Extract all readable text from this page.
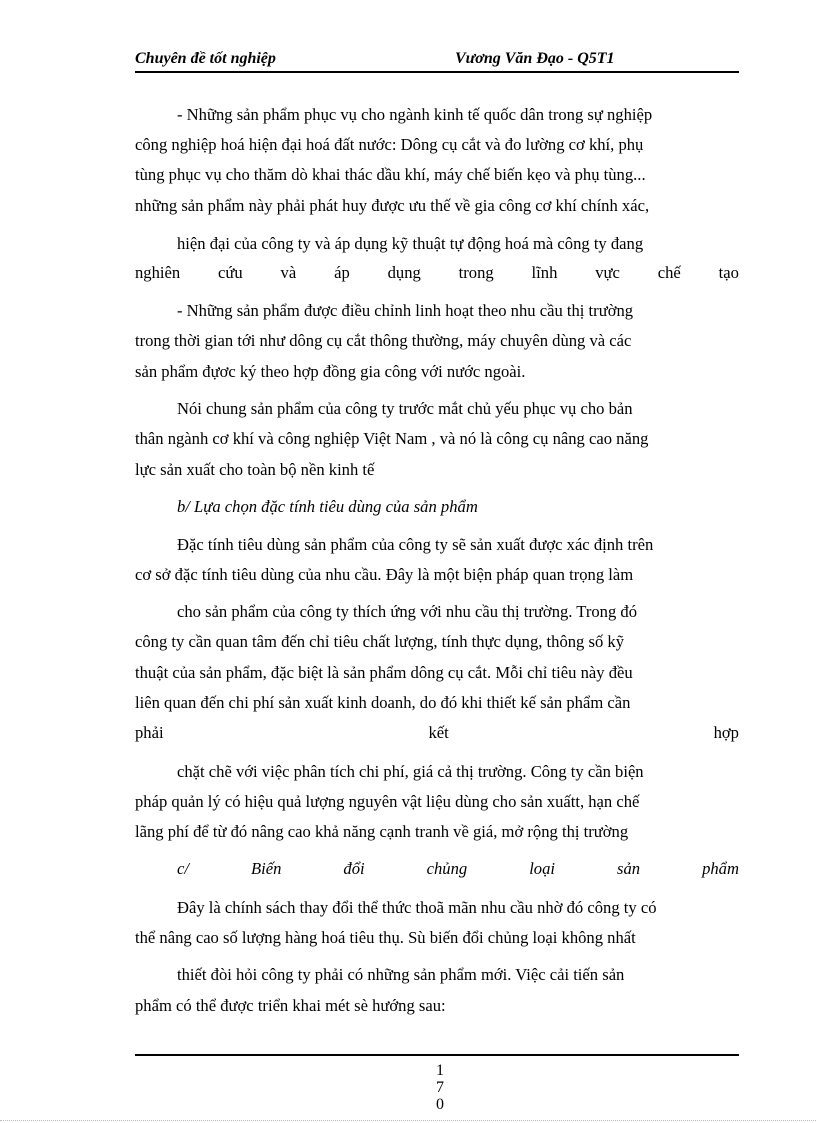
Chuyên đề tốt nghiệp	Vương Văn Đạo - Q5T1
- Những sản phẩm phục vụ cho ngành kinh tế quốc dân trong sự nghiệp
công nghiệp hoá hiện đại hoá đất nước: Dông cụ cắt và đo lường cơ khí, phụ
tùng phục vụ cho thăm dò khai thác dầu khí, máy chế biến kẹo và phụ tùng...
những sản phẩm này phải phát huy được ưu thế về gia công cơ khí chính xác,
hiện đại của công ty và áp dụng kỹ thuật tự động hoá mà công ty đang
nghiên cứu và áp dụng trong lĩnh vực chế tạo
- Những sản phẩm được điều chỉnh linh hoạt theo nhu cầu thị trường
trong thời gian tới như dông cụ cắt thông thường, máy chuyên dùng và các
sản phẩm đựơc ký theo hợp đồng gia công với nước ngoài.
Nói chung sản phẩm của công ty trước mắt chủ yếu phục vụ cho bản
thân ngành cơ khí và công nghiệp Việt Nam , và nó là công cụ nâng cao năng
lực sản xuất cho toàn bộ nền kinh tế
b/ Lựa chọn đặc tính tiêu dùng của sản phẩm
Đặc tính tiêu dùng sản phẩm của công ty sẽ sản xuất được xác định trên
cơ sở đặc tính tiêu dùng của nhu cầu. Đây là một biện pháp quan trọng làm
cho sản phẩm của công ty thích ứng với nhu cầu thị trường. Trong đó
công ty cần quan tâm đến chỉ tiêu chất lượng, tính thực dụng, thông số kỹ
thuật của sản phẩm, đặc biệt là sản phẩm dông cụ cắt. Mỗi chỉ tiêu này đều
liên quan đến chi phí sản xuất kinh doanh, do đó khi thiết kế sản phẩm cần
phải	kết	hợp
chặt chẽ với việc phân tích chi phí, giá cả thị trường. Công ty cần biện
pháp quản lý có hiệu quả lượng nguyên vật liệu dùng cho sản xuấtt, hạn chế
lãng phí để từ đó nâng cao khả năng cạnh tranh về giá, mở rộng thị trường
c/	Biến	đổi	chủng	loại	sản	phẩm
Đây là chính sách thay đổi thể thức thoã mãn nhu cầu nhờ đó công ty có
thể nâng cao số lượng hàng hoá tiêu thụ. Sù biến đổi chủng loại không nhất
thiết đòi hỏi công ty phải có những sản phẩm mới. Việc cải tiến sản
phẩm có thể được triển khai mét sè hướng sau:
1
7
0
